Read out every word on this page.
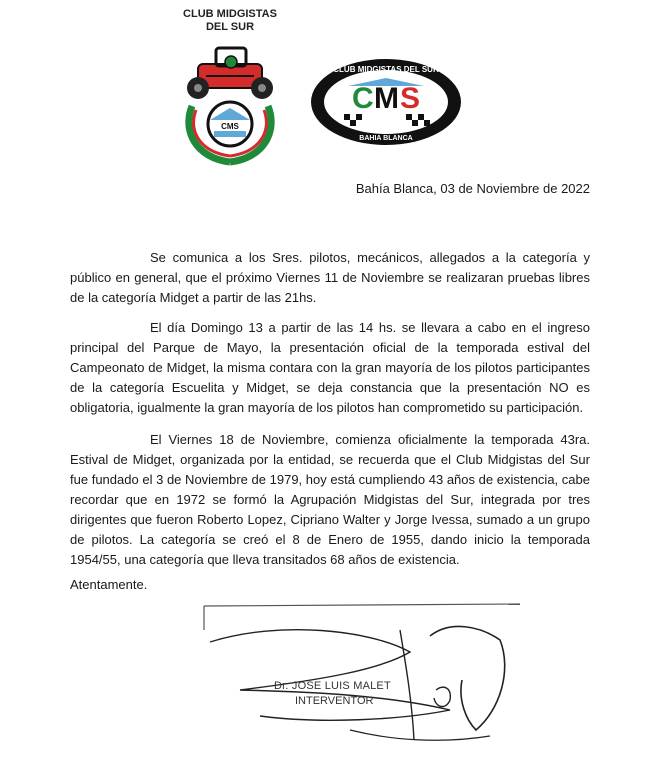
CLUB MIDGISTAS
DEL SUR
CMS
C M S
CLUB MIDGISTAS DEL SUR
BAHIA BLANCA
Bahía Blanca, 03 de Noviembre de 2022

Se comunica a los Sres. pilotos, mecánicos, allegados a la categoría y público en general, que el próximo Viernes 11 de Noviembre se realizaran pruebas libres de la categoría Midget a partir de las 21hs.

El día Domingo 13 a partir de las 14 hs. se llevara a cabo en el ingreso principal del Parque de Mayo, la presentación oficial de la temporada estival del Campeonato de Midget, la misma contara con la gran mayoría de los pilotos participantes de la categoría Escuelita y Midget, se deja constancia que la presentación NO es obligatoria, igualmente la gran mayoría de los pilotos han comprometido su participación.

El Viernes 18 de Noviembre, comienza oficialmente la temporada 43ra. Estival de Midget, organizada por la entidad, se recuerda que el Club Midgistas del Sur fue fundado el 3 de Noviembre de 1979, hoy está cumpliendo 43 años de existencia, cabe recordar que en 1972 se formó la Agrupación Midgistas del Sur, integrada por tres dirigentes que fueron Roberto Lopez, Cipriano Walter y Jorge Ivessa, sumado a un grupo de pilotos. La categoría se creó el 8 de Enero de 1955, dando inicio la temporada 1954/55, una categoría que lleva transitados 68 años de existencia.

Atentamente.
Dr. JOSE LUIS MALET
INTERVENTOR
